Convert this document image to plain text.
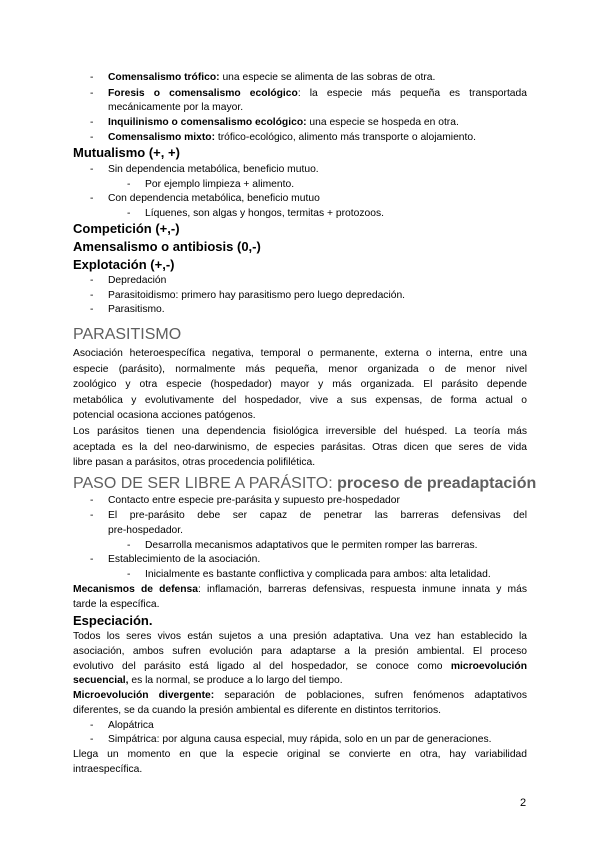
-	Comensalismo trófico: una especie se alimenta de las sobras de otra.
-	Foresis o comensalismo ecológico: la especie más pequeña es transportada
mecánicamente por la mayor.
-	Inquilinismo o comensalismo ecológico: una especie se hospeda en otra.
-	Comensalismo mixto: trófico-ecológico, alimento más transporte o alojamiento.
Mutualismo (+, +)
-	Sin dependencia metabólica, beneficio mutuo.
-	Por ejemplo limpieza + alimento.
-	Con dependencia metabólica, beneficio mutuo
-	Líquenes, son algas y hongos, termitas + protozoos.
Competición (+,-)
Amensalismo o antibiosis (0,-)
Explotación (+,-)
-	Depredación
-	Parasitoidismo: primero hay parasitismo pero luego depredación.
-	Parasitismo.
PARASITISMO
Asociación heteroespecífica negativa, temporal o permanente, externa o interna, entre una
especie (parásito), normalmente más pequeña, menor organizada o de menor nivel
zoológico y otra especie (hospedador) mayor y más organizada. El parásito depende
metabólica y evolutivamente del hospedador, vive a sus expensas, de forma actual o
potencial ocasiona acciones patógenos.
Los parásitos tienen una dependencia fisiológica irreversible del huésped. La teoría más
aceptada es la del neo-darwinismo, de especies parásitas. Otras dicen que seres de vida
libre pasan a parásitos, otras procedencia polifilética.
PASO DE SER LIBRE A PARÁSITO: proceso de preadaptación
-	Contacto entre especie pre-parásita y supuesto pre-hospedador
-	El pre-parásito debe ser capaz de penetrar las barreras defensivas del
pre-hospedador.
-	Desarrolla mecanismos adaptativos que le permiten romper las barreras.
-	Establecimiento de la asociación.
-	Inicialmente es bastante conflictiva y complicada para ambos: alta letalidad.
Mecanismos de defensa: inflamación, barreras defensivas, respuesta inmune innata y más
tarde la específica.
Especiación.
Todos los seres vivos están sujetos a una presión adaptativa. Una vez han establecido la
asociación, ambos sufren evolución para adaptarse a la presión ambiental. El proceso
evolutivo del parásito está ligado al del hospedador, se conoce como microevolución
secuencial, es la normal, se produce a lo largo del tiempo.
Microevolución divergente: separación de poblaciones, sufren fenómenos adaptativos
diferentes, se da cuando la presión ambiental es diferente en distintos territorios.
-	Alopátrica
-	Simpátrica: por alguna causa especial, muy rápida, solo en un par de generaciones.
Llega un momento en que la especie original se convierte en otra, hay variabilidad
intraespecífica.
2
